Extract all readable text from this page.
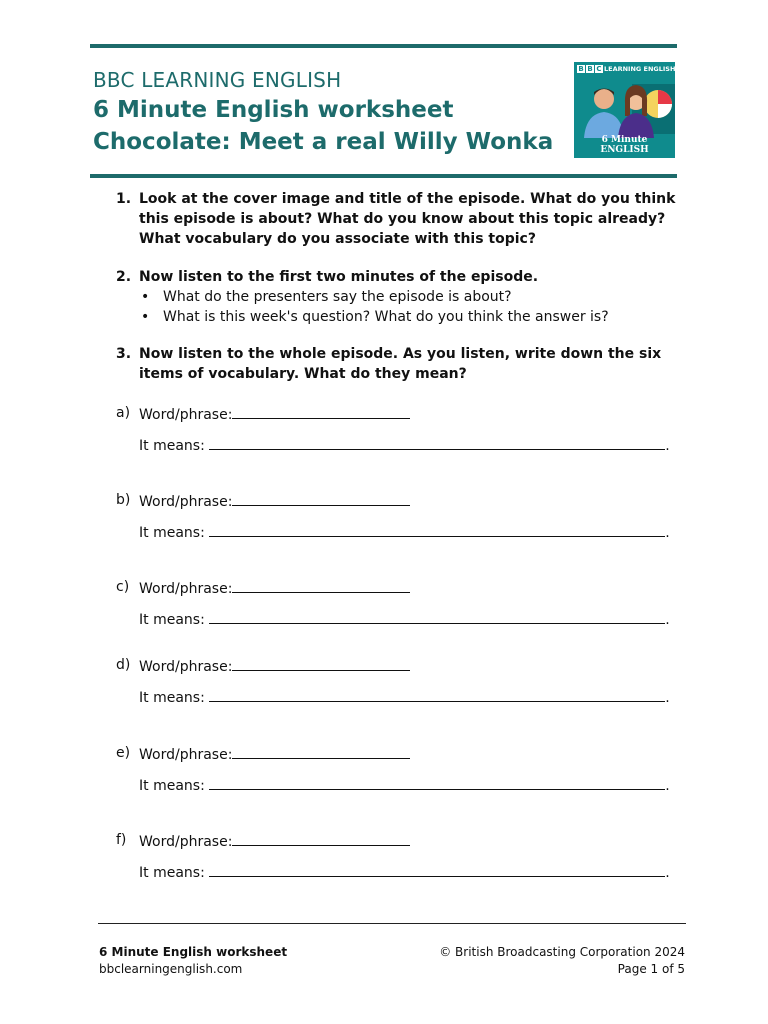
BBC LEARNING ENGLISH
6 Minute English worksheet
Chocolate: Meet a real Willy Wonka
B B C LEARNING ENGLISH
6 Minute
ENGLISH
1. Look at the cover image and title of the episode. What do you think this episode is about? What do you know about this topic already? What vocabulary do you associate with this topic?
2. Now listen to the first two minutes of the episode.
• What do the presenters say the episode is about?
• What is this week's question? What do you think the answer is?
3. Now listen to the whole episode. As you listen, write down the six items of vocabulary. What do they mean?
a) Word/phrase:
It means:	.
b) Word/phrase:
It means:	.
c) Word/phrase:
It means:	.
d) Word/phrase:
It means:	.
e) Word/phrase:
It means:	.
f) Word/phrase:
It means:	.
6 Minute English worksheet
bbclearningenglish.com
© British Broadcasting Corporation 2024
Page 1 of 5
